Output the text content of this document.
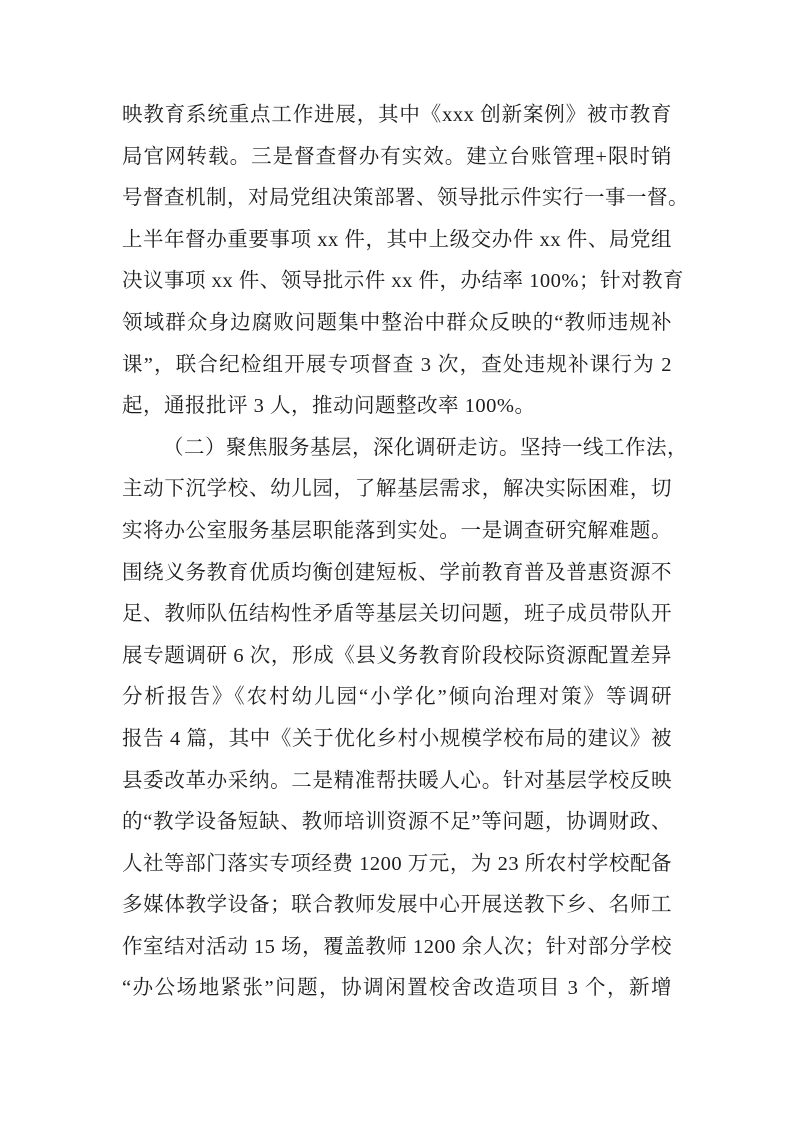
映教育系统重点工作进展，其中《xxx 创新案例》被市教育
局官网转载。三是督查督办有实效。建立台账管理+限时销
号督查机制，对局党组决策部署、领导批示件实行一事一督。
上半年督办重要事项 xx 件，其中上级交办件 xx 件、局党组
决议事项 xx 件、领导批示件 xx 件，办结率 100%；针对教育
领域群众身边腐败问题集中整治中群众反映的“教师违规补
课”，联合纪检组开展专项督查 3 次，查处违规补课行为 2
起，通报批评 3 人，推动问题整改率 100%。
（二）聚焦服务基层，深化调研走访。坚持一线工作法，
主动下沉学校、幼儿园，了解基层需求，解决实际困难，切
实将办公室服务基层职能落到实处。一是调查研究解难题。
围绕义务教育优质均衡创建短板、学前教育普及普惠资源不
足、教师队伍结构性矛盾等基层关切问题，班子成员带队开
展专题调研 6 次，形成《县义务教育阶段校际资源配置差异
分析报告》《农村幼儿园“小学化”倾向治理对策》等调研
报告 4 篇，其中《关于优化乡村小规模学校布局的建议》被
县委改革办采纳。二是精准帮扶暖人心。针对基层学校反映
的“教学设备短缺、教师培训资源不足”等问题，协调财政、
人社等部门落实专项经费 1200 万元，为 23 所农村学校配备
多媒体教学设备；联合教师发展中心开展送教下乡、名师工
作室结对活动 15 场，覆盖教师 1200 余人次；针对部分学校
“办公场地紧张”问题，协调闲置校舍改造项目 3 个，新增
